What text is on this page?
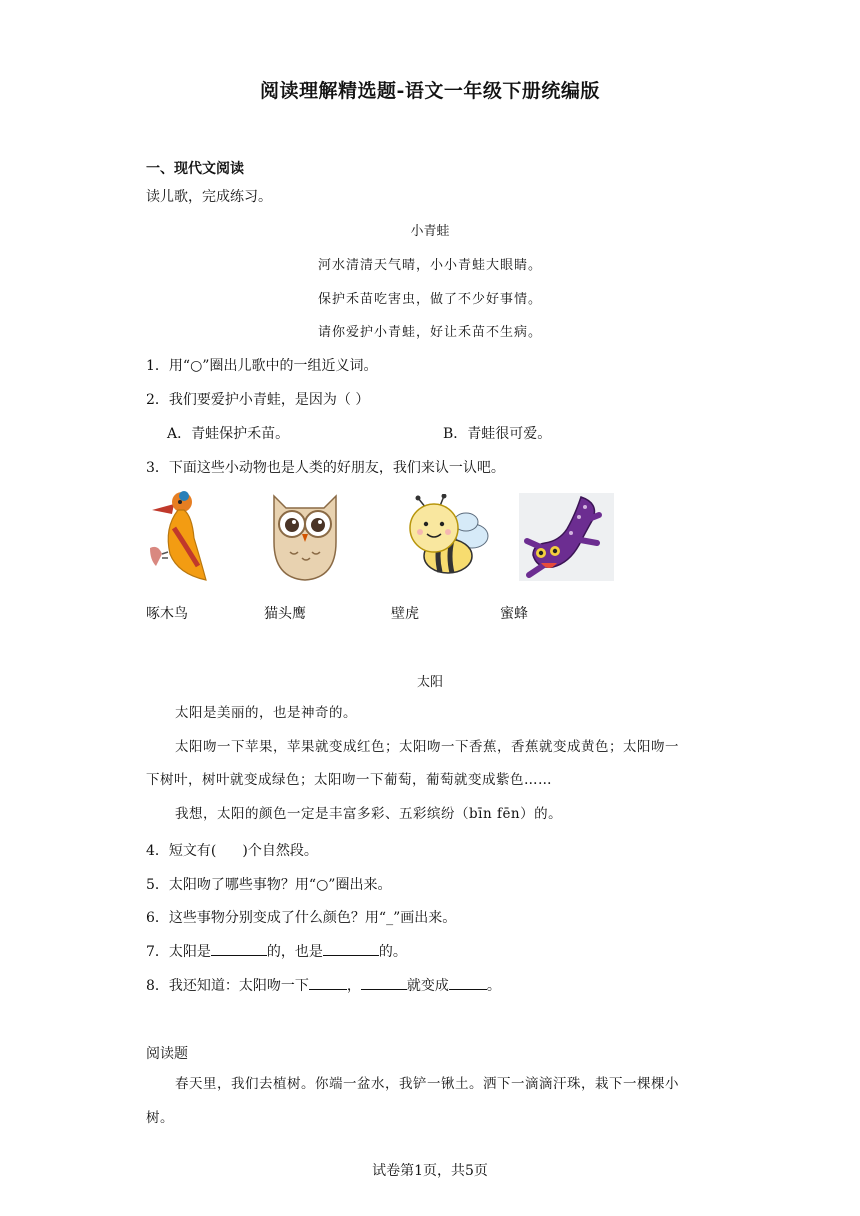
阅读理解精选题-语文一年级下册统编版
一、现代文阅读
读儿歌，完成练习。
小青蛙
河水清清天气晴，小小青蛙大眼睛。
保护禾苗吃害虫，做了不少好事情。
请你爱护小青蛙，好让禾苗不生病。
1．用“○”圈出儿歌中的一组近义词。
2．我们要爱护小青蛙，是因为（ ）
A．青蛙保护禾苗。	B．青蛙很可爱。
3．下面这些小动物也是人类的好朋友，我们来认一认吧。
啄木鸟	猫头鹰	壁虎	蜜蜂
太阳
太阳是美丽的，也是神奇的。
太阳吻一下苹果，苹果就变成红色；太阳吻一下香蕉，香蕉就变成黄色；太阳吻一
下树叶，树叶就变成绿色；太阳吻一下葡萄，葡萄就变成紫色……
我想，太阳的颜色一定是丰富多彩、五彩缤纷（bīn fēn）的。
4．短文有( )个自然段。
5．太阳吻了哪些事物？用“○”圈出来。
6．这些事物分别变成了什么颜色？用“_”画出来。
7．太阳是	的，也是	的。
8．我还知道：太阳吻一下	，	就变成	。
阅读题
春天里，我们去植树。你端一盆水，我铲一锹土。洒下一滴滴汗珠，栽下一棵棵小
树。
试卷第1页，共5页
